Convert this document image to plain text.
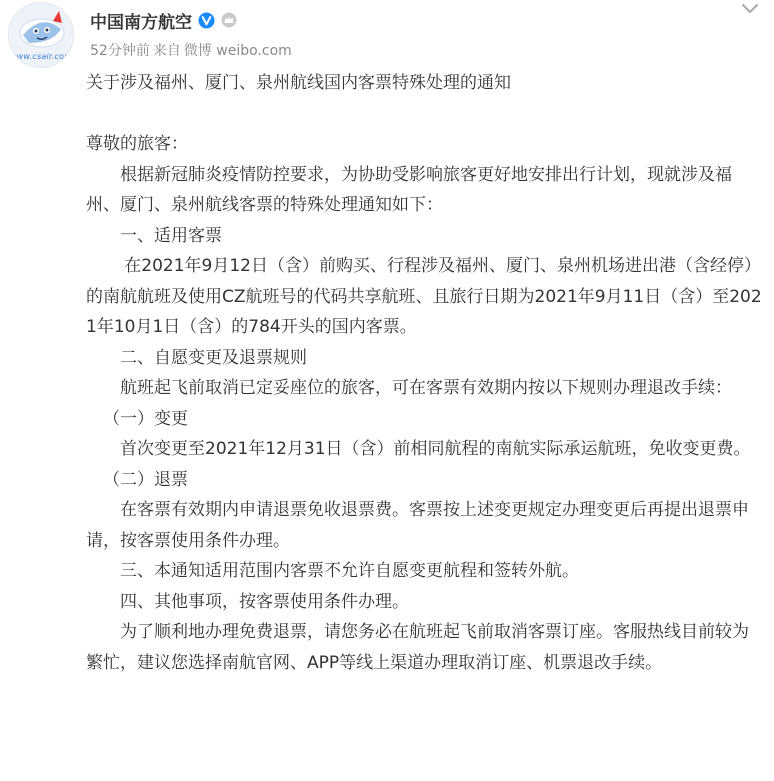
www.csair.com
中国南方航空
52分钟前 来自 微博 weibo.com

关于涉及福州、厦门、泉州航线国内客票特殊处理的通知

尊敬的旅客：

根据新冠肺炎疫情防控要求，为协助受影响旅客更好地安排出行计划，现就涉及福州、厦门、泉州航线客票的特殊处理通知如下：

一、适用客票

在2021年9月12日（含）前购买、行程涉及福州、厦门、泉州机场进出港（含经停）的南航航班及使用CZ航班号的代码共享航班、且旅行日期为2021年9月11日（含）至2021年10月1日（含）的784开头的国内客票。

二、自愿变更及退票规则

航班起飞前取消已定妥座位的旅客，可在客票有效期内按以下规则办理退改手续：

（一）变更

首次变更至2021年12月31日（含）前相同航程的南航实际承运航班，免收变更费。

（二）退票

在客票有效期内申请退票免收退票费。客票按上述变更规定办理变更后再提出退票申请，按客票使用条件办理。

三、本通知适用范围内客票不允许自愿变更航程和签转外航。

四、其他事项，按客票使用条件办理。

为了顺利地办理免费退票，请您务必在航班起飞前取消客票订座。客服热线目前较为繁忙，建议您选择南航官网、APP等线上渠道办理取消订座、机票退改手续。
